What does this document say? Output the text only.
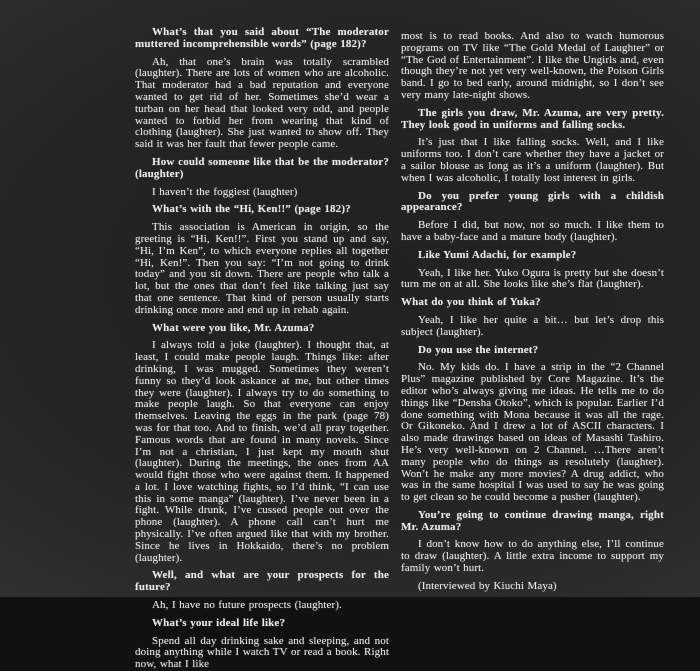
What’s that you said about “The moderator muttered incomprehensible words” (page 182)?

Ah, that one’s brain was totally scrambled (laughter). There are lots of women who are alcoholic. That moderator had a bad reputation and everyone wanted to get rid of her. Sometimes she’d wear a turban on her head that looked very odd, and people wanted to forbid her from wearing that kind of clothing (laughter). She just wanted to show off. They said it was her fault that fewer people came.

How could someone like that be the moderator? (laughter)

I haven’t the foggiest (laughter)

What’s with the “Hi, Ken!!” (page 182)?

This association is American in origin, so the greeting is “Hi, Ken!!”. First you stand up and say, “Hi, I’m Ken”, to which everyone replies all together “Hi, Ken!”. Then you say: “I’m not going to drink today” and you sit down. There are people who talk a lot, but the ones that don’t feel like talking just say that one sentence. That kind of person usually starts drinking once more and end up in rehab again.

What were you like, Mr. Azuma?

I always told a joke (laughter). I thought that, at least, I could make people laugh. Things like: after drinking, I was mugged. Sometimes they weren’t funny so they’d look askance at me, but other times they were (laughter). I always try to do something to make people laugh. So that everyone can enjoy themselves. Leaving the eggs in the park (page 78) was for that too. And to finish, we’d all pray together. Famous words that are found in many novels. Since I’m not a christian, I just kept my mouth shut (laughter). During the meetings, the ones from AA would fight those who were against them. It happened a lot. I love watching fights, so I’d think, “I can use this in some manga” (laughter). I’ve never been in a fight. While drunk, I’ve cussed people out over the phone (laughter). A phone call can’t hurt me physically. I’ve often argued like that with my brother. Since he lives in Hokkaido, there’s no problem (laughter).

Well, and what are your prospects for the future?

Ah, I have no future prospects (laughter).

What’s your ideal life like?

Spend all day drinking sake and sleeping, and not doing anything while I watch TV or read a book. Right now, what I like

most is to read books. And also to watch humorous programs on TV like “The Gold Medal of Laughter” or “The God of Entertainment”. I like the Ungirls and, even though they’re not yet very well-known, the Poison Girls band. I go to bed early, around midnight, so I don’t see very many late-night shows.

The girls you draw, Mr. Azuma, are very pretty. They look good in uniforms and falling socks.

It’s just that I like falling socks. Well, and I like uniforms too. I don’t care whether they have a jacket or a sailor blouse as long as it’s a uniform (laughter). But when I was alcoholic, I totally lost interest in girls.

Do you prefer young girls with a childish appearance?

Before I did, but now, not so much. I like them to have a baby-face and a mature body (laughter).

Like Yumi Adachi, for example?

Yeah, I like her. Yuko Ogura is pretty but she doesn’t turn me on at all. She looks like she’s flat (laughter).

What do you think of Yuka?

Yeah, I like her quite a bit… but let’s drop this subject (laughter).

Do you use the internet?

No. My kids do. I have a strip in the “2 Channel Plus” magazine published by Core Magazine. It’s the editor who’s always giving me ideas. He tells me to do things like “Densha Otoko”, which is popular. Earlier I’d done something with Mona because it was all the rage. Or Gikoneko. And I drew a lot of ASCII characters. I also made drawings based on ideas of Masashi Tashiro. He’s very well-known on 2 Channel. …There aren’t many people who do things as resolutely (laughter). Won’t he make any more movies? A drug addict, who was in the same hospital I was used to say he was going to get clean so he could become a pusher (laughter).

You’re going to continue drawing manga, right Mr. Azuma?

I don’t know how to do anything else, I’ll continue to draw (laughter). A little extra income to support my family won’t hurt.

(Interviewed by Kiuchi Maya)
